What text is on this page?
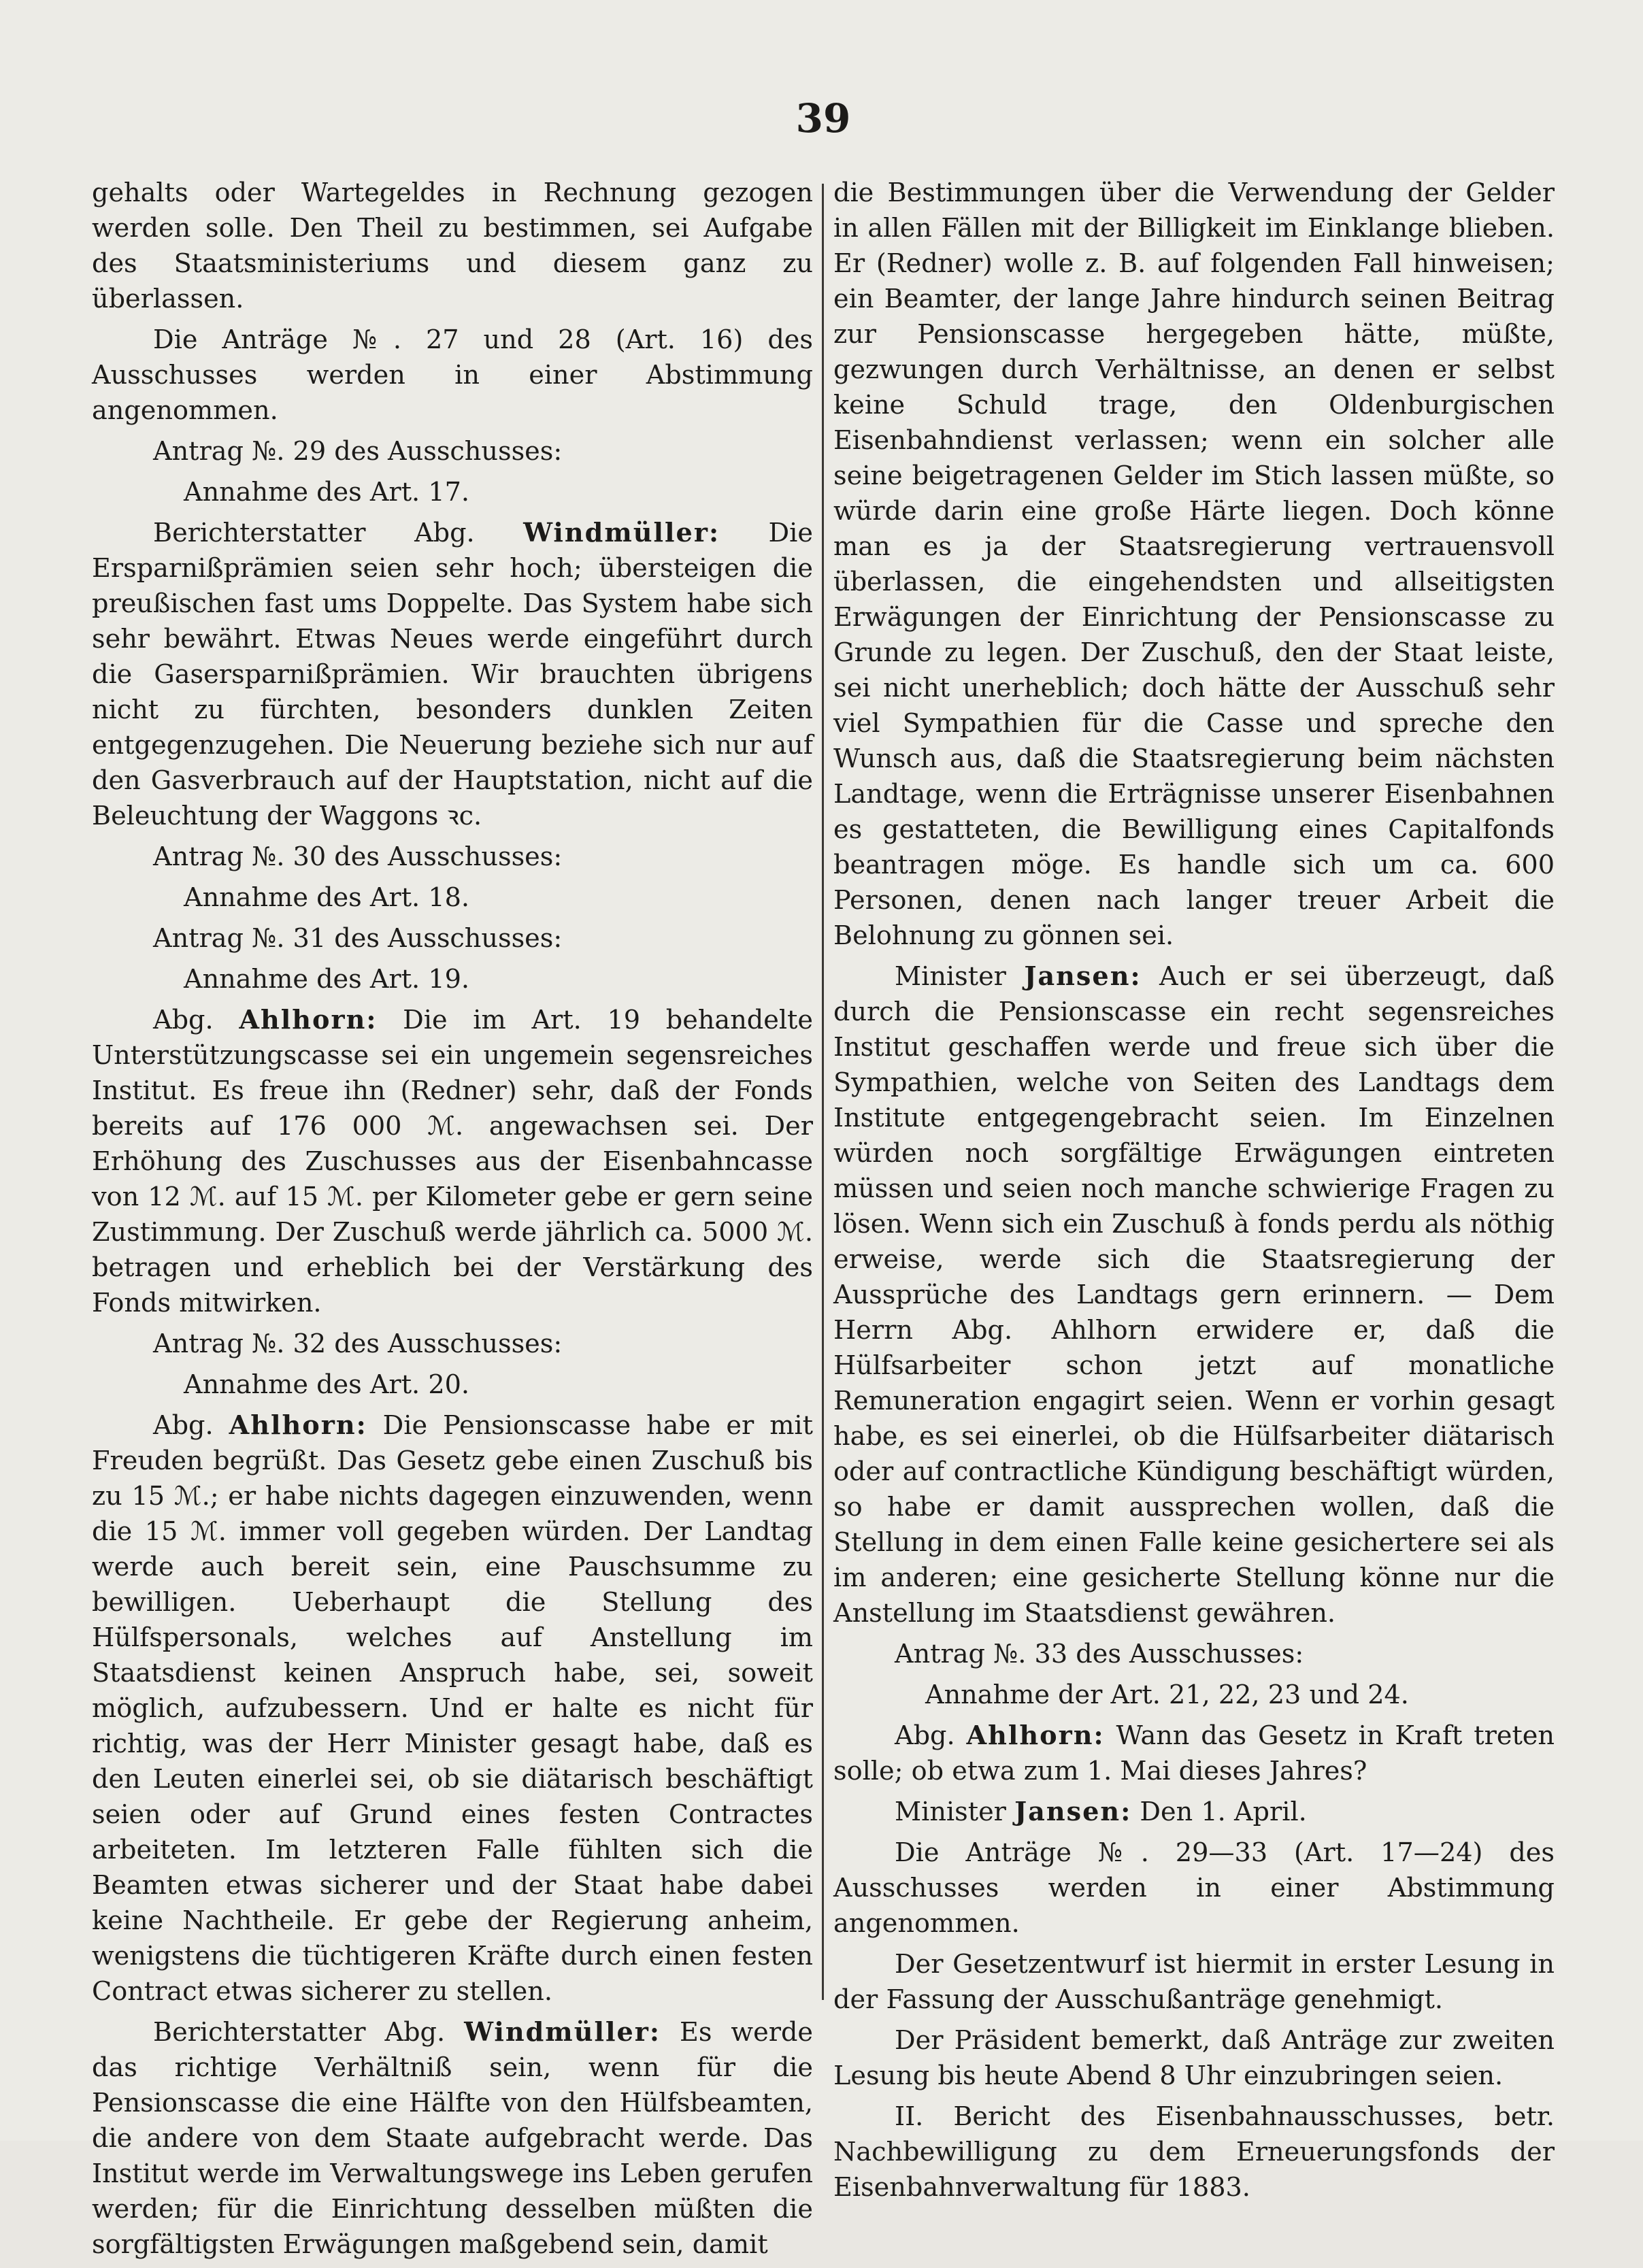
39

gehalts oder Wartegeldes in Rechnung gezogen werden solle. Den Theil zu bestimmen, sei Aufgabe des Staatsministeriums und diesem ganz zu überlassen.

Die Anträge №. 27 und 28 (Art. 16) des Ausschusses werden in einer Abstimmung angenommen.

Antrag №. 29 des Ausschusses:

Annahme des Art. 17.

Berichterstatter Abg. Windmüller: Die Ersparnißprämien seien sehr hoch; übersteigen die preußischen fast ums Doppelte. Das System habe sich sehr bewährt. Etwas Neues werde eingeführt durch die Gasersparnißprämien. Wir brauchten übrigens nicht zu fürchten, besonders dunklen Zeiten entgegenzugehen. Die Neuerung beziehe sich nur auf den Gasverbrauch auf der Hauptstation, nicht auf die Beleuchtung der Waggons ꝛc.

Antrag №. 30 des Ausschusses:

Annahme des Art. 18.

Antrag №. 31 des Ausschusses:

Annahme des Art. 19.

Abg. Ahlhorn: Die im Art. 19 behandelte Unterstützungscasse sei ein ungemein segensreiches Institut. Es freue ihn (Redner) sehr, daß der Fonds bereits auf 176 000 ℳ. angewachsen sei. Der Erhöhung des Zuschusses aus der Eisenbahncasse von 12 ℳ. auf 15 ℳ. per Kilometer gebe er gern seine Zustimmung. Der Zuschuß werde jährlich ca. 5000 ℳ. betragen und erheblich bei der Verstärkung des Fonds mitwirken.

Antrag №. 32 des Ausschusses:

Annahme des Art. 20.

Abg. Ahlhorn: Die Pensionscasse habe er mit Freuden begrüßt. Das Gesetz gebe einen Zuschuß bis zu 15 ℳ.; er habe nichts dagegen einzuwenden, wenn die 15 ℳ. immer voll gegeben würden. Der Landtag werde auch bereit sein, eine Pauschsumme zu bewilligen. Ueberhaupt die Stellung des Hülfspersonals, welches auf Anstellung im Staatsdienst keinen Anspruch habe, sei, soweit möglich, aufzubessern. Und er halte es nicht für richtig, was der Herr Minister gesagt habe, daß es den Leuten einerlei sei, ob sie diätarisch beschäftigt seien oder auf Grund eines festen Contractes arbeiteten. Im letzteren Falle fühlten sich die Beamten etwas sicherer und der Staat habe dabei keine Nachtheile. Er gebe der Regierung anheim, wenigstens die tüchtigeren Kräfte durch einen festen Contract etwas sicherer zu stellen.

Berichterstatter Abg. Windmüller: Es werde das richtige Verhältniß sein, wenn für die Pensionscasse die eine Hälfte von den Hülfsbeamten, die andere von dem Staate aufgebracht werde. Das Institut werde im Verwaltungswege ins Leben gerufen werden; für die Einrichtung desselben müßten die sorgfältigsten Erwägungen maßgebend sein, damit

die Bestimmungen über die Verwendung der Gelder in allen Fällen mit der Billigkeit im Einklange blieben. Er (Redner) wolle z. B. auf folgenden Fall hinweisen; ein Beamter, der lange Jahre hindurch seinen Beitrag zur Pensionscasse hergegeben hätte, müßte, gezwungen durch Verhältnisse, an denen er selbst keine Schuld trage, den Oldenburgischen Eisenbahndienst verlassen; wenn ein solcher alle seine beigetragenen Gelder im Stich lassen müßte, so würde darin eine große Härte liegen. Doch könne man es ja der Staatsregierung vertrauensvoll überlassen, die eingehendsten und allseitigsten Erwägungen der Einrichtung der Pensionscasse zu Grunde zu legen. Der Zuschuß, den der Staat leiste, sei nicht unerheblich; doch hätte der Ausschuß sehr viel Sympathien für die Casse und spreche den Wunsch aus, daß die Staatsregierung beim nächsten Landtage, wenn die Erträgnisse unserer Eisenbahnen es gestatteten, die Bewilligung eines Capitalfonds beantragen möge. Es handle sich um ca. 600 Personen, denen nach langer treuer Arbeit die Belohnung zu gönnen sei.

Minister Jansen: Auch er sei überzeugt, daß durch die Pensionscasse ein recht segensreiches Institut geschaffen werde und freue sich über die Sympathien, welche von Seiten des Landtags dem Institute entgegengebracht seien. Im Einzelnen würden noch sorgfältige Erwägungen eintreten müssen und seien noch manche schwierige Fragen zu lösen. Wenn sich ein Zuschuß à fonds perdu als nöthig erweise, werde sich die Staatsregierung der Aussprüche des Landtags gern erinnern. — Dem Herrn Abg. Ahlhorn erwidere er, daß die Hülfsarbeiter schon jetzt auf monatliche Remuneration engagirt seien. Wenn er vorhin gesagt habe, es sei einerlei, ob die Hülfsarbeiter diätarisch oder auf contractliche Kündigung beschäftigt würden, so habe er damit aussprechen wollen, daß die Stellung in dem einen Falle keine gesichertere sei als im anderen; eine gesicherte Stellung könne nur die Anstellung im Staatsdienst gewähren.

Antrag №. 33 des Ausschusses:

Annahme der Art. 21, 22, 23 und 24.

Abg. Ahlhorn: Wann das Gesetz in Kraft treten solle; ob etwa zum 1. Mai dieses Jahres?

Minister Jansen: Den 1. April.

Die Anträge №. 29—33 (Art. 17—24) des Ausschusses werden in einer Abstimmung angenommen.

Der Gesetzentwurf ist hiermit in erster Lesung in der Fassung der Ausschußanträge genehmigt.

Der Präsident bemerkt, daß Anträge zur zweiten Lesung bis heute Abend 8 Uhr einzubringen seien.

II. Bericht des Eisenbahnausschusses, betr. Nachbewilligung zu dem Erneuerungsfonds der Eisenbahnverwaltung für 1883.
